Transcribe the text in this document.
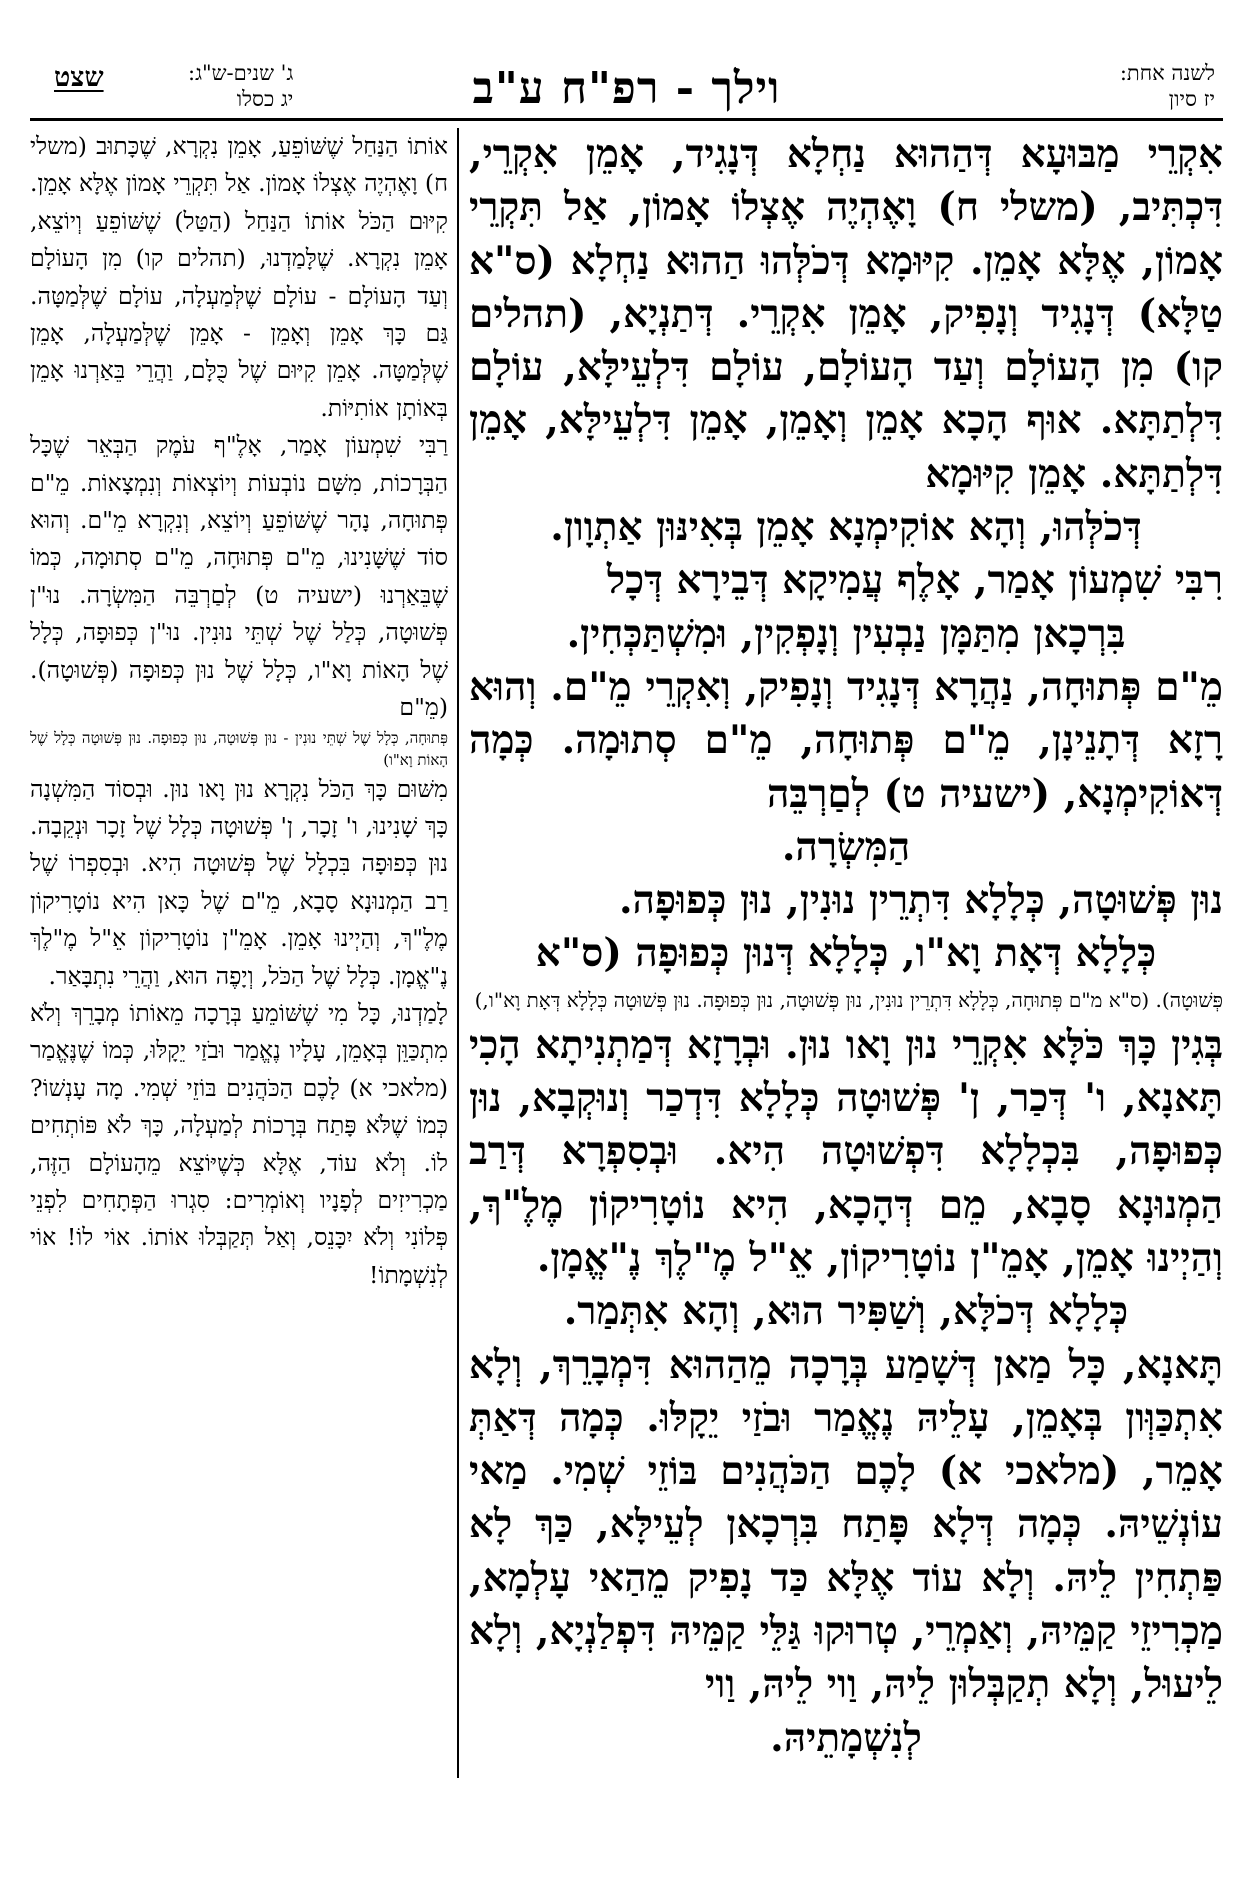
לשנה אחת:
יז סיון
וילך - רפ"ח ע"ב
ג' שנים-ש"ג:
יג כסלו
שצט

אִקְרֵי מַבּוּעָא דְּהַהוּא נַחְלָא דְּנָגִיד, אָמֵן אִקְרֵי, דִּכְתִּיב, (משלי ח) וָאֶהְיֶה אֶצְלוֹ אָמוֹן, אַל תִּקְרֵי אָמוֹן, אֶלָּא אָמֵן. קִיּוּמָא דְּכֹלְּהוּ הַהוּא נַחְלָא (ס"א טַלָּא) דְּנָגִיד וְנָפִיק, אָמֵן אִקְרֵי. דְּתַנְיָא, (תהלים קו) מִן הָעוֹלָם וְעַד הָעוֹלָם, עוֹלָם דִּלְעֵילָּא, עוֹלָם דִּלְתַתָּא. אוּף הָכָא אָמֵן וְאָמֵן, אָמֵן דִּלְעֵילָּא, אָמֵן דִּלְתַתָּא. אָמֵן קִיּוּמָא

דְּכֹלְּהוּ, וְהָא אוֹקִימְנָא אָמֵן בְּאִינּוּן אַתְוָון.

רִבִּי שִׁמְעוֹן אָמַר, אָלֶף עֲמִיקָא דְּבֵירָא דְּכָל

בִּרְכָאן מִתַּמָּן נַבְעִין וְנָפְקִין, וּמִשְׁתַּכְּחִין.

מֵ"ם פְּתוּחָה, נַהֲרָא דְּנָגִיד וְנָפִיק, וְאִקְרֵי מֵ"ם. וְהוּא רָזָא דְּתָנֵינָן, מֵ"ם פְּתוּחָה, מֵ"ם סְתוּמָה. כְּמָה דְּאוֹקִימְנָא, (ישעיה ט) לְםַרְבֵּה

הַמִּשְׂרָה.

נוּן פְּשׁוּטָה, כְּלָלָא דִּתְרֵין נוּנִין, נוּן כְּפוּפָה.

כְּלָלָא דְּאָת וָא"ו, כְּלָלָא דְּנוּן כְּפוּפָה (ס"א

פְּשׁוּטָה). (ס"א מ"ם פְּתוּחָה, כְּלָלָא דִּתְרֵין נוּנִין, נוּן פְּשׁוּטָה, נוּן כְּפוּפָה. נוּן פְּשׁוּטָה כְּלָלָא דְּאָת וָא"ו,)

בְּגִין כָּךְ כֹּלָּא אִקְרֵי נוּן וָאו נוּן. וּבְרָזָא דְּמַתְנִיתָא הָכִי תָּאנָא, ו' דְּכַר, ן' פְּשׁוּטָה כְּלָלָא דִּדְכַר וְנוּקְבָא, נוּן כְּפוּפָה, בִּכְלָלָא דִּפְשׁוּטָה הִיא. וּבְסִפְרָא דְּרַב הַמְנוּנָא סָבָא, מֵם דְּהָכָא, הִיא נוֹטָרִיקוֹן מֶלֶ"ךְ, וְהַיְינוּ אָמֵן, אָמֵ"ן נוֹטָרִיקוֹן, אֵ"ל מֶ"לֶךְ נֶ"אֱמָן.

כְּלָלָא דְּכֹלָּא, וְשַׁפִּיר הוּא, וְהָא אִתְּמַר.

תָּאנָא, כָּל מַאן דְּשָׁמַע בְּרָכָה מֵהַהוּא דִּמְבָרֵךְ, וְלָא אִתְכַּוְּון בְּאָמֵן, עָלֵיהּ נֶאֱמַר וּבֹזַי יֵקָלּוּ. כְּמָה דְּאַתְּ אָמֵר, (מלאכי א) לָכֶם הַכֹּהֲנִים בּוֹזֵי שְׁמִי. מַאי עוֹנְשֵׁיהּ. כְּמָה דְּלָא פָּתַח בִּרְכָאן לְעֵילָּא, כַּךְ לָא פַּתְחִין לֵיהּ. וְלָא עוֹד אֶלָּא כַּד נָפִיק מֵהַאי עָלְמָא, מַכְרִיזֵי קַמֵּיהּ, וְאַמְרֵי, טְרוּקוּ גַּלֵּי קַמֵּיהּ דִּפְלַנְיָא, וְלָא לֵיעוּל, וְלָא תְקַבְּלוּן לֵיהּ, וַוי לֵיהּ, וַוי

לְנִשְׁמָתֵיהּ.

אוֹתוֹ הַנַּחַל שֶׁשּׁוֹפֵעַ, אָמֵן נִקְרָא, שֶׁכָּתוּב (משלי ח) וָאֶהְיֶה אֶצְלוֹ אָמוֹן. אַל תִּקְרֵי אָמוֹן אֶלָּא אָמֵן. קִיּוּם הַכֹּל אוֹתוֹ הַנַּחַל (הַטַּל) שֶׁשּׁוֹפֵעַ וְיוֹצֵא, אָמֵן נִקְרָא. שֶׁלָּמַדְנוּ, (תהלים קו) מִן הָעוֹלָם וְעַד הָעוֹלָם - עוֹלָם שֶׁלְּמַעְלָה, עוֹלָם שֶׁלְּמַטָּה. גַּם כָּךְ אָמֵן וְאָמֵן - אָמֵן שֶׁלְּמַעְלָה, אָמֵן שֶׁלְּמַטָּה. אָמֵן קִיּוּם שֶׁל כֻּלָּם, וַהֲרֵי בֵּאַרְנוּ אָמֵן בְּאוֹתָן אוֹתִיּוֹת.

רַבִּי שִׁמְעוֹן אָמַר, אָלֶ"ף עֹמֶק הַבְּאֵר שֶׁכָּל הַבְּרָכוֹת, מִשָּׁם נוֹבְעוֹת וְיוֹצְאוֹת וְנִמְצָאוֹת. מֵ"ם פְּתוּחָה, נָהָר שֶׁשּׁוֹפֵעַ וְיוֹצֵא, וְנִקְרָא מֵ"ם. וְהוּא סוֹד שֶׁשָּׁנִינוּ, מֵ"ם פְּתוּחָה, מֵ"ם סְתוּמָה, כְּמוֹ שֶׁבֵּאַרְנוּ (ישעיה ט) לְםַרְבֵּה הַמִּשְׂרָה. נוּ"ן פְּשׁוּטָה, כְּלַל שֶׁל שְׁתֵּי נוּנִין. נוּ"ן כְּפוּפָה, כְּלָל שֶׁל הָאוֹת וָא"ו, כְּלָל שֶׁל נוּן כְּפוּפָה (פְּשׁוּטָה). (מֵ"ם

פְּתוּחָה, כְּלָל שֶׁל שְׁתֵּי נוּנִין - נוּן פְּשׁוּטָה, נוּן כְּפוּפָה. נוּן פְּשׁוּטָה כְּלָל שֶׁל הָאוֹת וָא"ו)

מִשּׁוּם כָּךְ הַכֹּל נִקְרָא נוּן וָאו נוּן. וּבְסוֹד הַמִּשְׁנָה כָּךְ שָׁנִינוּ, ו' זָכָר, ן' פְּשׁוּטָה כְּלָל שֶׁל זָכָר וּנְקֵבָה. נוּן כְּפוּפָה בִּכְלָל שֶׁל פְּשׁוּטָה הִיא. וּבְסִפְרוֹ שֶׁל רַב הַמְנוּנָא סָבָא, מֵ"ם שֶׁל כָּאן הִיא נוֹטָרִיקוֹן מֶלֶ"ךְ, וְהַיְינוּ אָמֵן. אָמֵ"ן נוֹטָרִיקוֹן אֵ"ל מֶ"לֶךְ נֶ"אֱמָן. כְּלָל שֶׁל הַכֹּל, וְיָפֶה הוּא, וַהֲרֵי נִתְבָּאַר.

לָמַדְנוּ, כָּל מִי שֶׁשּׁוֹמֵעַ בְּרָכָה מֵאוֹתוֹ מְבָרֵךְ וְלֹא מִתְכַּוֵּן בְּאָמֵן, עָלָיו נֶאֱמַר וּבֹזַי יֵקָלּוּ, כְּמוֹ שֶׁנֶּאֱמַר (מלאכי א) לָכֶם הַכֹּהֲנִים בּוֹזֵי שְׁמִי. מָה עָנְשׁוֹ? כְּמוֹ שֶׁלֹּא פָּתַח בְּרָכוֹת לְמַעְלָה, כָּךְ לֹא פּוֹתְחִים לוֹ. וְלֹא עוֹד, אֶלָּא כְּשֶׁיּוֹצֵא מֵהָעוֹלָם הַזֶּה, מַכְרִיזִים לְפָנָיו וְאוֹמְרִים: סִגְרוּ הַפְּתָחִים לִפְנֵי פְּלוֹנִי וְלֹא יִכָּנֵס, וְאַל תְּקַבְּלוּ אוֹתוֹ. אוֹי לוֹ! אוֹי לְנִשְׁמָתוֹ!
